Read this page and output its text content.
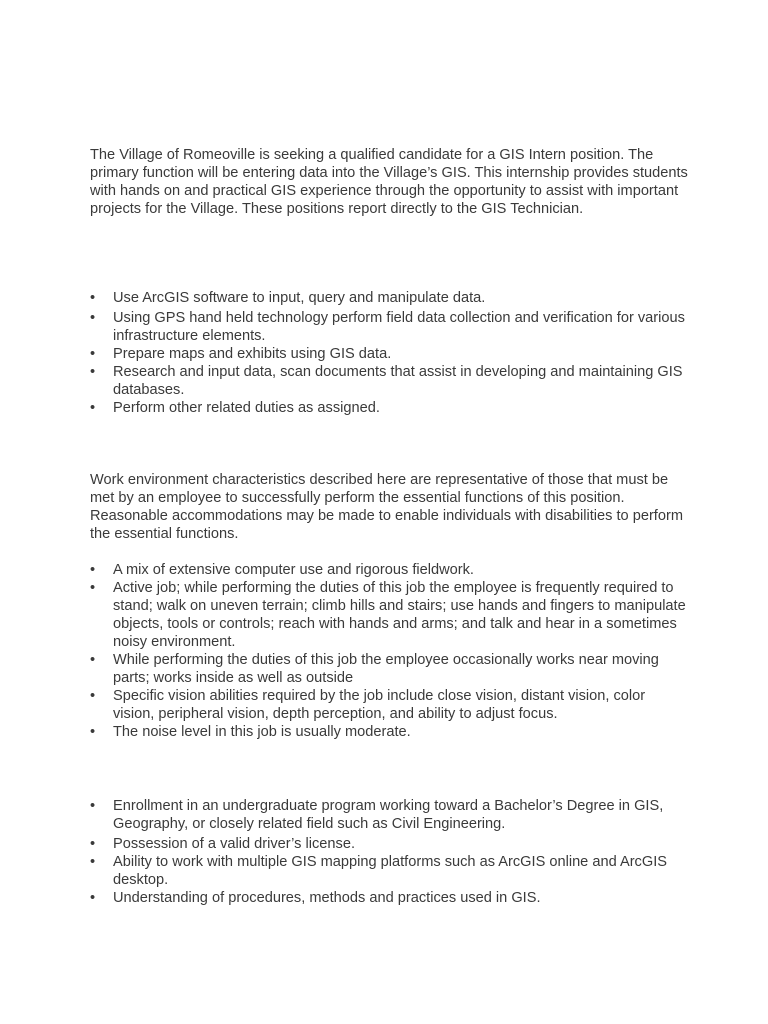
The Village of Romeoville is seeking a qualified candidate for a GIS Intern position. The primary function will be entering data into the Village’s GIS. This internship provides students with hands on and practical GIS experience through the opportunity to assist with important projects for the Village. These positions report directly to the GIS Technician.

• Use ArcGIS software to input, query and manipulate data.
• Using GPS hand held technology perform field data collection and verification for various infrastructure elements.
• Prepare maps and exhibits using GIS data.
• Research and input data, scan documents that assist in developing and maintaining GIS databases.
• Perform other related duties as assigned.

Work environment characteristics described here are representative of those that must be met by an employee to successfully perform the essential functions of this position. Reasonable accommodations may be made to enable individuals with disabilities to perform the essential functions.

• A mix of extensive computer use and rigorous fieldwork.
• Active job; while performing the duties of this job the employee is frequently required to stand; walk on uneven terrain; climb hills and stairs; use hands and fingers to manipulate objects, tools or controls; reach with hands and arms; and talk and hear in a sometimes noisy environment.
• While performing the duties of this job the employee occasionally works near moving parts; works inside as well as outside
• Specific vision abilities required by the job include close vision, distant vision, color vision, peripheral vision, depth perception, and ability to adjust focus.
• The noise level in this job is usually moderate.
• Enrollment in an undergraduate program working toward a Bachelor’s Degree in GIS, Geography, or closely related field such as Civil Engineering.
• Possession of a valid driver’s license.
• Ability to work with multiple GIS mapping platforms such as ArcGIS online and ArcGIS desktop.
• Understanding of procedures, methods and practices used in GIS.
